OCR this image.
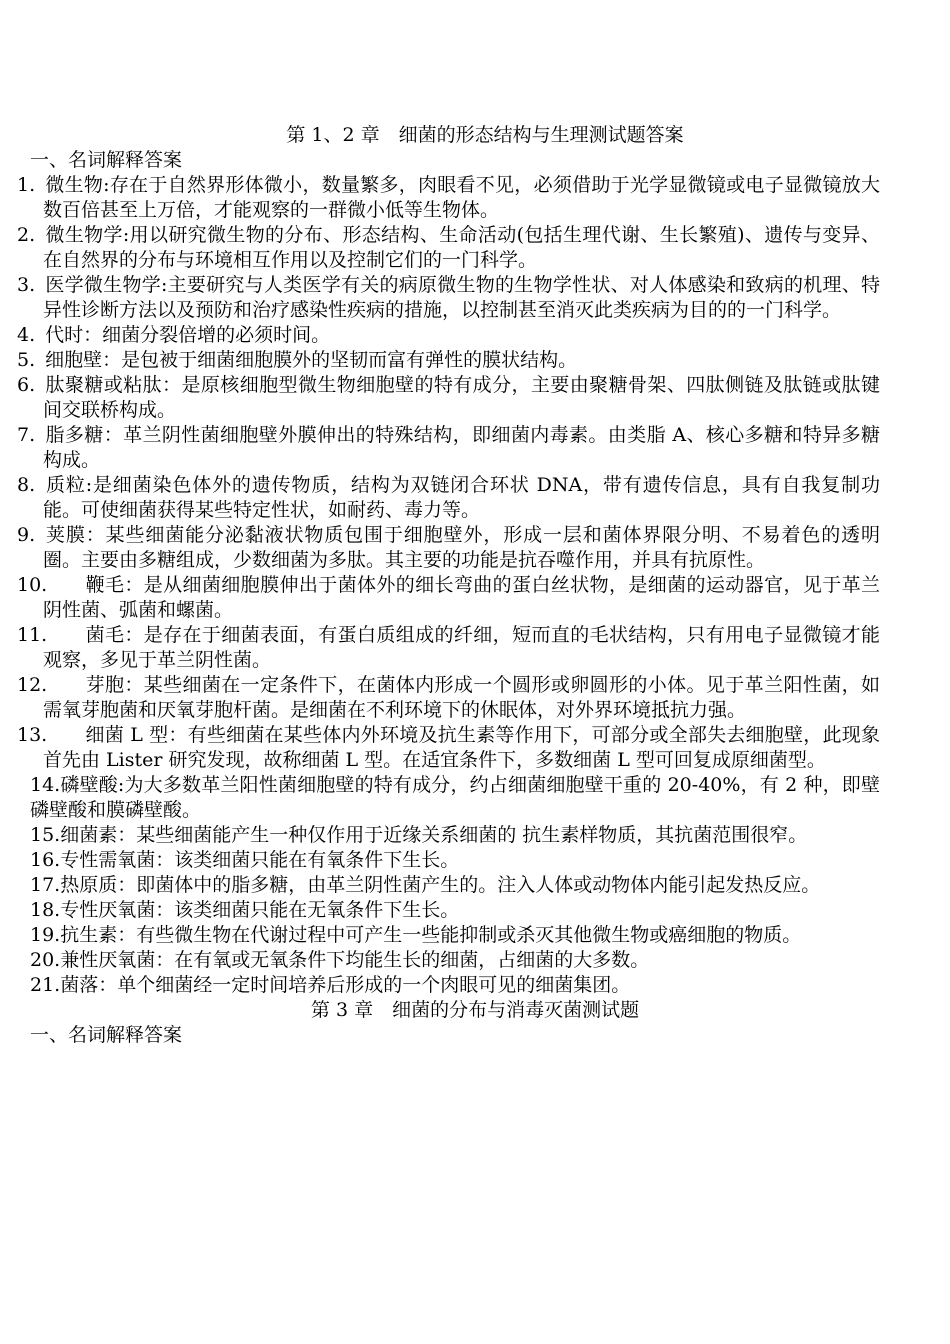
第 1、2 章　细菌的形态结构与生理测试题答案
一、名词解释答案
1. 微生物:存在于自然界形体微小，数量繁多，肉眼看不见，必须借助于光学显微镜或电子显微镜放大数百倍甚至上万倍，才能观察的一群微小低等生物体。
2. 微生物学:用以研究微生物的分布、形态结构、生命活动(包括生理代谢、生长繁殖)、遗传与变异、在自然界的分布与环境相互作用以及控制它们的一门科学。
3. 医学微生物学:主要研究与人类医学有关的病原微生物的生物学性状、对人体感染和致病的机理、特异性诊断方法以及预防和治疗感染性疾病的措施，以控制甚至消灭此类疾病为目的的一门科学。
4. 代时：细菌分裂倍增的必须时间。
5. 细胞壁：是包被于细菌细胞膜外的坚韧而富有弹性的膜状结构。
6. 肽聚糖或粘肽：是原核细胞型微生物细胞壁的特有成分，主要由聚糖骨架、四肽侧链及肽链或肽键间交联桥构成。
7. 脂多糖：革兰阴性菌细胞壁外膜伸出的特殊结构，即细菌内毒素。由类脂 A、核心多糖和特异多糖构成。
8. 质粒:是细菌染色体外的遗传物质，结构为双链闭合环状 DNA，带有遗传信息，具有自我复制功能。可使细菌获得某些特定性状，如耐药、毒力等。
9. 荚膜：某些细菌能分泌黏液状物质包围于细胞壁外，形成一层和菌体界限分明、不易着色的透明圈。主要由多糖组成，少数细菌为多肽。其主要的功能是抗吞噬作用，并具有抗原性。
10. 鞭毛：是从细菌细胞膜伸出于菌体外的细长弯曲的蛋白丝状物，是细菌的运动器官，见于革兰阴性菌、弧菌和螺菌。
11. 菌毛：是存在于细菌表面，有蛋白质组成的纤细，短而直的毛状结构，只有用电子显微镜才能观察，多见于革兰阴性菌。
12. 芽胞：某些细菌在一定条件下，在菌体内形成一个圆形或卵圆形的小体。见于革兰阳性菌，如需氧芽胞菌和厌氧芽胞杆菌。是细菌在不利环境下的休眠体，对外界环境抵抗力强。
13. 细菌 L 型：有些细菌在某些体内外环境及抗生素等作用下，可部分或全部失去细胞壁，此现象首先由 Lister 研究发现，故称细菌 L 型。在适宜条件下，多数细菌 L 型可回复成原细菌型。
14.磷壁酸:为大多数革兰阳性菌细胞壁的特有成分，约占细菌细胞壁干重的 20-40%，有 2 种，即壁磷壁酸和膜磷壁酸。
15.细菌素：某些细菌能产生一种仅作用于近缘关系细菌的 抗生素样物质，其抗菌范围很窄。
16.专性需氧菌：该类细菌只能在有氧条件下生长。
17.热原质：即菌体中的脂多糖，由革兰阴性菌产生的。注入人体或动物体内能引起发热反应。
18.专性厌氧菌：该类细菌只能在无氧条件下生长。
19.抗生素：有些微生物在代谢过程中可产生一些能抑制或杀灭其他微生物或癌细胞的物质。
20.兼性厌氧菌：在有氧或无氧条件下均能生长的细菌，占细菌的大多数。
21.菌落：单个细菌经一定时间培养后形成的一个肉眼可见的细菌集团。
第 3 章　细菌的分布与消毒灭菌测试题
一、名词解释答案
